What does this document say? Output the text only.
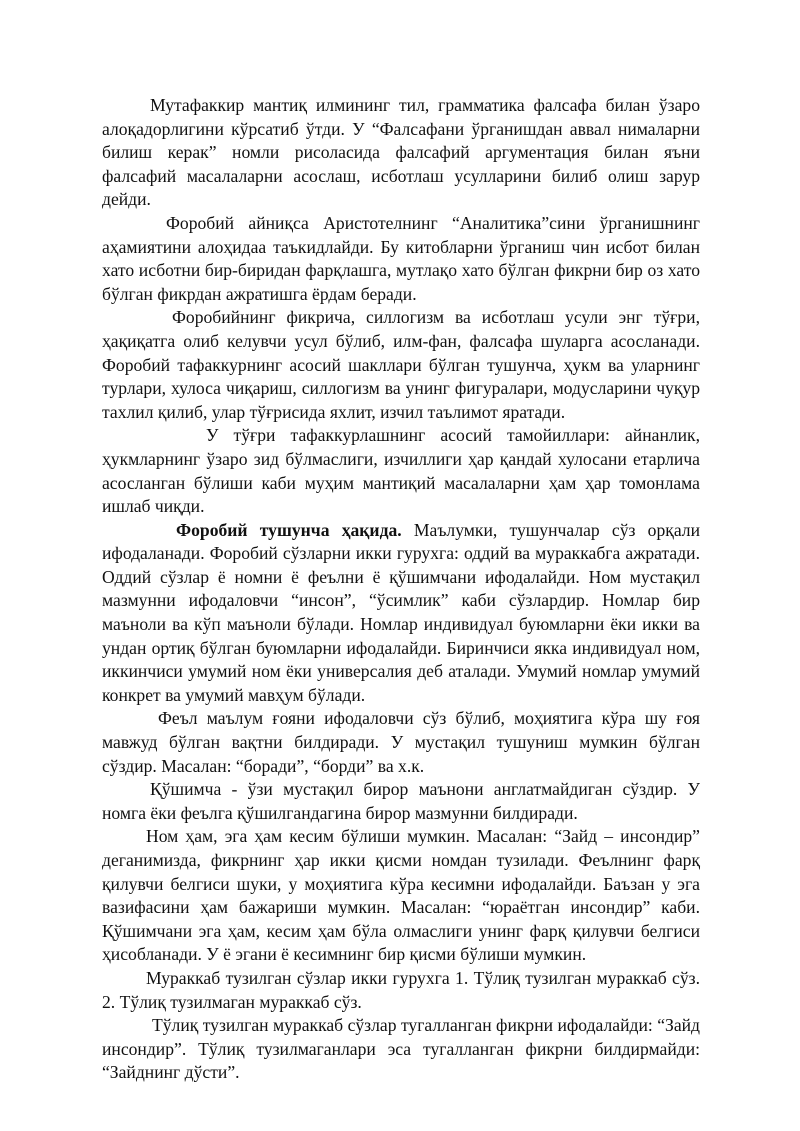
Мутафаккир мантиқ илмининг тил, грамматика фалсафа билан ўзаро алоқадорлигини кўрсатиб ўтди. У “Фалсафани ўрганишдан аввал нималарни билиш керак” номли рисоласида фалсафий аргументация билан яъни фалсафий масалаларни асослаш, исботлаш усулларини билиб олиш зарур дейди.

Форобий айниқса Аристотелнинг “Аналитика”сини ўрганишнинг аҳамиятини алоҳидаа таъкидлайди. Бу китобларни ўрганиш чин исбот билан хато исботни бир-биридан фарқлашга, мутлақо хато бўлган фикрни бир оз хато бўлган фикрдан ажратишга ёрдам беради.

Форобийнинг фикрича, силлогизм ва исботлаш усули энг тўғри, ҳақиқатга олиб келувчи усул бўлиб, илм-фан, фалсафа шуларга асосланади. Форобий тафаккурнинг асосий шакллари бўлган тушунча, ҳукм ва уларнинг турлари, хулоса чиқариш, силлогизм ва унинг фигуралари, модусларини чуқур тахлил қилиб, улар тўғрисида яхлит, изчил таълимот яратади.

У тўғри тафаккурлашнинг асосий тамойиллари: айнанлик, ҳукмларнинг ўзаро зид бўлмаслиги, изчиллиги ҳар қандай хулосани етарлича асосланган бўлиши каби муҳим мантиқий масалаларни ҳам ҳар томонлама ишлаб чиқди.

Форобий тушунча ҳақида. Маълумки, тушунчалар сўз орқали ифодаланади. Форобий сўзларни икки гурухга: оддий ва мураккабга ажратади. Оддий сўзлар ё номни ё феълни ё қўшимчани ифодалайди. Ном мустақил мазмунни ифодаловчи “инсон”, “ўсимлик” каби сўзлардир. Номлар бир маъноли ва кўп маъноли бўлади. Номлар индивидуал буюмларни ёки икки ва ундан ортиқ бўлган буюмларни ифодалайди. Биринчиси якка индивидуал ном, иккинчиси умумий ном ёки универсалия деб аталади. Умумий номлар умумий конкрет ва умумий мавҳум бўлади.

Феъл маълум ғояни ифодаловчи сўз бўлиб, моҳиятига кўра шу ғоя мавжуд бўлган вақтни билдиради. У мустақил тушуниш мумкин бўлган сўздир. Масалан: “боради”, “борди” ва х.к.

Қўшимча - ўзи мустақил бирор маънони англатмайдиган сўздир. У номга ёки феълга қўшилгандагина бирор мазмунни билдиради.

Ном ҳам, эга ҳам кесим бўлиши мумкин. Масалан: “Зайд – инсондир” деганимизда, фикрнинг ҳар икки қисми номдан тузилади. Феълнинг фарқ қилувчи белгиси шуки, у моҳиятига кўра кесимни ифодалайди. Баъзан у эга вазифасини ҳам бажариши мумкин. Масалан: “юраётган инсондир” каби. Қўшимчани эга ҳам, кесим ҳам бўла олмаслиги унинг фарқ қилувчи белгиси ҳисобланади. У ё эгани ё кесимнинг бир қисми бўлиши мумкин.

Мураккаб тузилган сўзлар икки гурухга 1. Тўлиқ тузилган мураккаб сўз. 2. Тўлиқ тузилмаган мураккаб сўз.

Тўлиқ тузилган мураккаб сўзлар тугалланган фикрни ифодалайди: “Зайд инсондир”. Тўлиқ тузилмаганлари эса тугалланган фикрни билдирмайди: “Зайднинг дўсти”.
